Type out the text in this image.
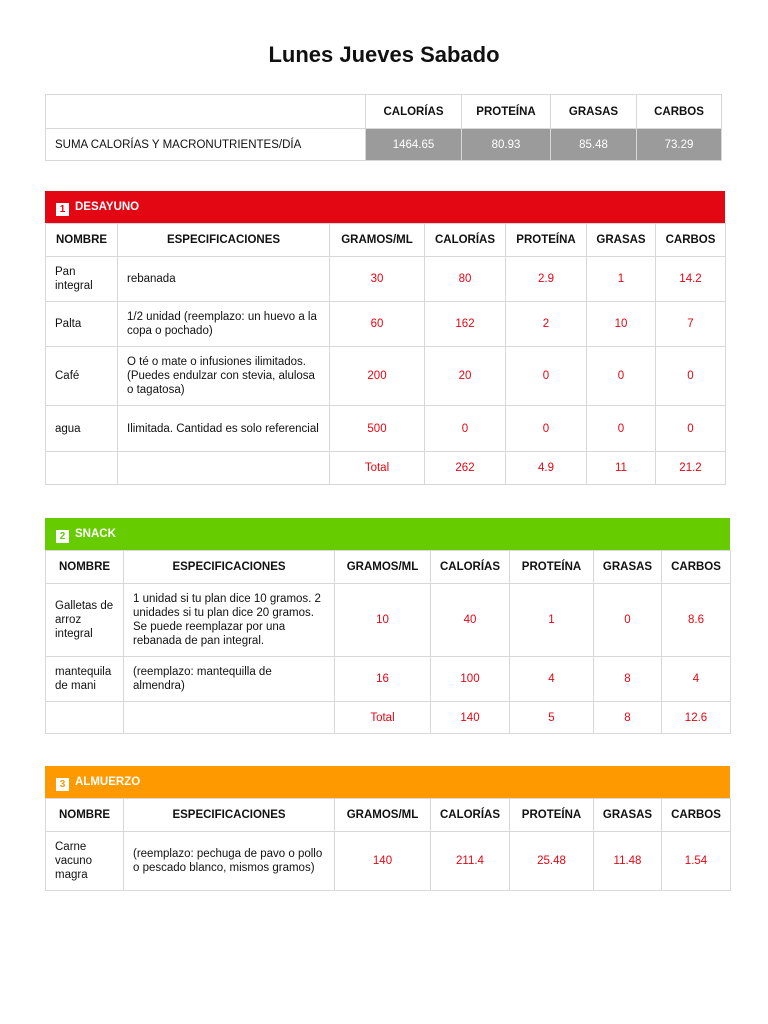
Lunes Jueves Sabado
	CALORÍAS	PROTEÍNA	GRASAS	CARBOS
SUMA CALORÍAS Y MACRONUTRIENTES/DÍA	1464.65	80.93	85.48	73.29
1 DESAYUNO
NOMBRE	ESPECIFICACIONES	GRAMOS/ML	CALORÍAS	PROTEÍNA	GRASAS	CARBOS
Pan integral	rebanada	30	80	2.9	1	14.2
Palta	1/2 unidad (reemplazo: un huevo a la copa o pochado)	60	162	2	10	7
Café	O té o mate o infusiones ilimitados. (Puedes endulzar con stevia, alulosa o tagatosa)	200	20	0	0	0
agua	Ilimitada. Cantidad es solo referencial	500	0	0	0	0
		Total	262	4.9	11	21.2
2 SNACK
NOMBRE	ESPECIFICACIONES	GRAMOS/ML	CALORÍAS	PROTEÍNA	GRASAS	CARBOS
Galletas de arroz integral	1 unidad si tu plan dice 10 gramos. 2 unidades si tu plan dice 20 gramos. Se puede reemplazar por una rebanada de pan integral.	10	40	1	0	8.6
mantequila de mani	(reemplazo: mantequilla de almendra)	16	100	4	8	4
		Total	140	5	8	12.6
3 ALMUERZO
NOMBRE	ESPECIFICACIONES	GRAMOS/ML	CALORÍAS	PROTEÍNA	GRASAS	CARBOS
Carne vacuno magra	(reemplazo: pechuga de pavo o pollo o pescado blanco, mismos gramos)	140	211.4	25.48	11.48	1.54
